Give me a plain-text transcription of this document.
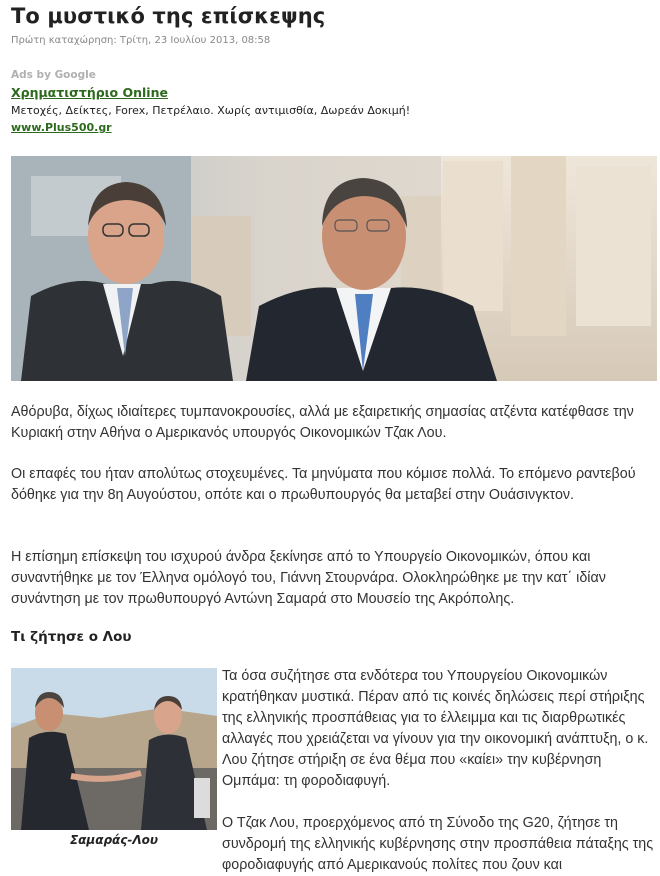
Το μυστικό της επίσκεψης
Πρώτη καταχώρηση: Τρίτη, 23 Ιουλίου 2013, 08:58
Ads by Google
Χρηματιστήριο Online
Μετοχές, Δείκτες, Forex, Πετρέλαιο. Χωρίς αντιμισθία, Δωρεάν Δοκιμή!
www.Plus500.gr

Αθόρυβα, δίχως ιδιαίτερες τυμπανοκρουσίες, αλλά με εξαιρετικής σημασίας ατζέντα κατέφθασε την Κυριακή στην Αθήνα ο Αμερικανός υπουργός Οικονομικών Τζακ Λου.

Οι επαφές του ήταν απολύτως στοχευμένες. Τα μηνύματα που κόμισε πολλά. Το επόμενο ραντεβού δόθηκε για την 8η Αυγούστου, οπότε και ο πρωθυπουργός θα μεταβεί στην Ουάσινγκτον.

Η επίσημη επίσκεψη του ισχυρού άνδρα ξεκίνησε από το Υπουργείο Οικονομικών, όπου και συναντήθηκε με τον Έλληνα ομόλογό του, Γιάννη Στουρνάρα. Ολοκληρώθηκε με την κατ΄ ιδίαν συνάντηση με τον πρωθυπουργό Αντώνη Σαμαρά στο Μουσείο της Ακρόπολης.

Τι ζήτησε ο Λου
Σαμαράς-Λου

Τα όσα συζήτησε στα ενδότερα του Υπουργείου Οικονομικών κρατήθηκαν μυστικά. Πέραν από τις κοινές δηλώσεις περί στήριξης της ελληνικής προσπάθειας για το έλλειμμα και τις διαρθρωτικές αλλαγές που χρειάζεται να γίνουν για την οικονομική ανάπτυξη, ο κ. Λου ζήτησε στήριξη σε ένα θέμα που «καίει» την κυβέρνηση Ομπάμα: τη φοροδιαφυγή.

Ο Τζακ Λου, προερχόμενος από τη Σύνοδο της G20, ζήτησε τη συνδρομή της ελληνικής κυβέρνησης στην προσπάθεια πάταξης της φοροδιαφυγής από Αμερικανούς πολίτες που ζουν και
